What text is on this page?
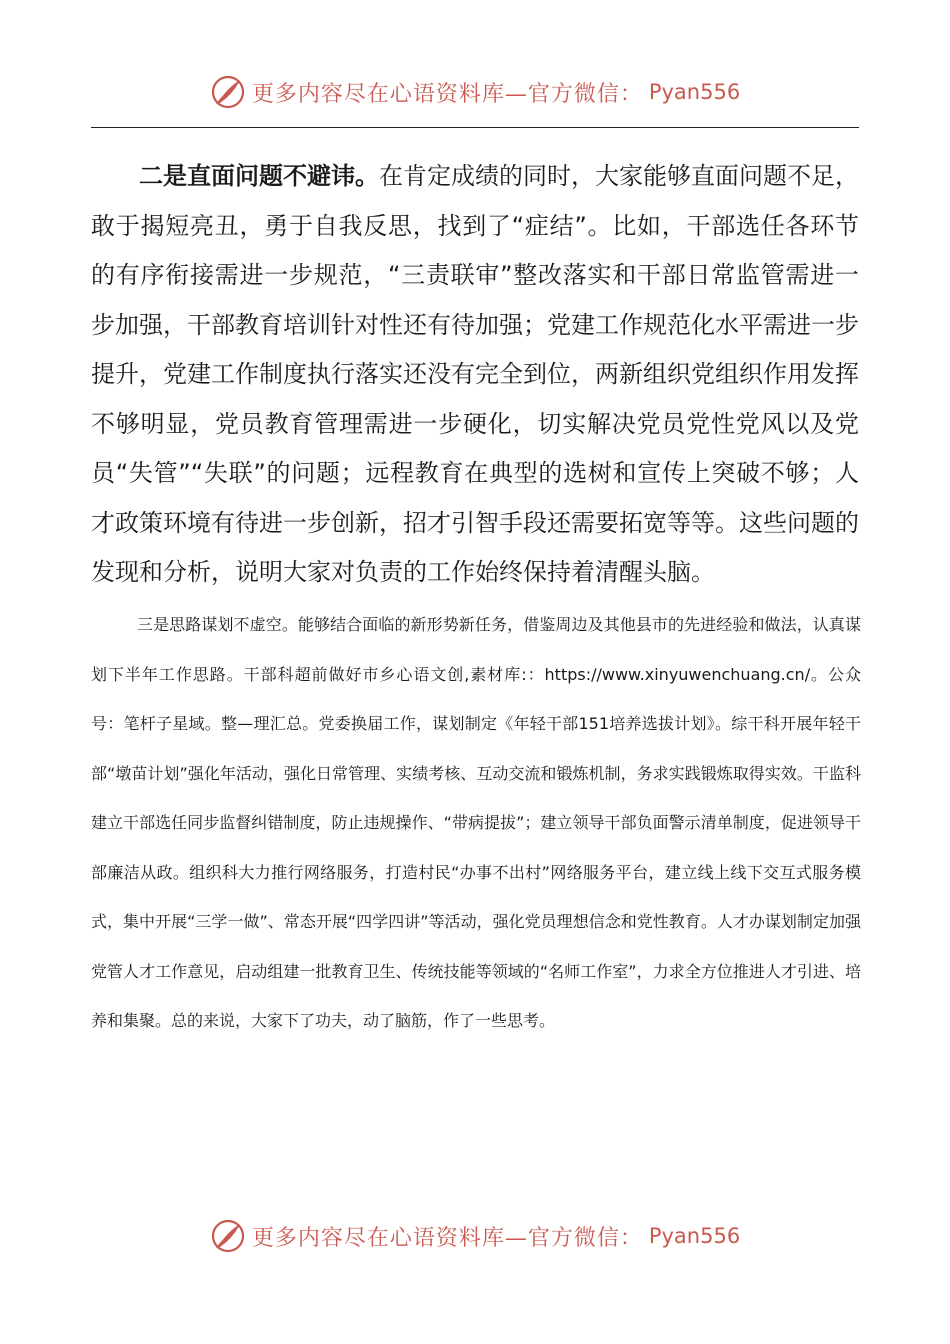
更多内容尽在心语资料库—官方微信： Pyan556

二是直面问题不避讳。在肯定成绩的同时，大家能够直面问题不足，敢于揭短亮丑，勇于自我反思，找到了“症结”。比如，干部选任各环节的有序衔接需进一步规范，“三责联审”整改落实和干部日常监管需进一步加强，干部教育培训针对性还有待加强；党建工作规范化水平需进一步提升，党建工作制度执行落实还没有完全到位，两新组织党组织作用发挥不够明显，党员教育管理需进一步硬化，切实解决党员党性党风以及党员“失管”“失联”的问题；远程教育在典型的选树和宣传上突破不够；人才政策环境有待进一步创新，招才引智手段还需要拓宽等等。这些问题的发现和分析，说明大家对负责的工作始终保持着清醒头脑。

三是思路谋划不虚空。能够结合面临的新形势新任务，借鉴周边及其他县市的先进经验和做法，认真谋划下半年工作思路。干部科超前做好市乡心语文创,素材库:：https://www.xinyuwenchuang.cn/。公众号：笔杆子星域。整—理汇总。党委换届工作，谋划制定《年轻干部151培养选拔计划》。综干科开展年轻干部“墩苗计划”强化年活动，强化日常管理、实绩考核、互动交流和锻炼机制，务求实践锻炼取得实效。干监科建立干部选任同步监督纠错制度，防止违规操作、“带病提拔”；建立领导干部负面警示清单制度，促进领导干部廉洁从政。组织科大力推行网络服务，打造村民“办事不出村”网络服务平台，建立线上线下交互式服务模式，集中开展“三学一做”、常态开展“四学四讲”等活动，强化党员理想信念和党性教育。人才办谋划制定加强党管人才工作意见，启动组建一批教育卫生、传统技能等领域的“名师工作室”，力求全方位推进人才引进、培养和集聚。总的来说，大家下了功夫，动了脑筋，作了一些思考。

更多内容尽在心语资料库—官方微信： Pyan556
